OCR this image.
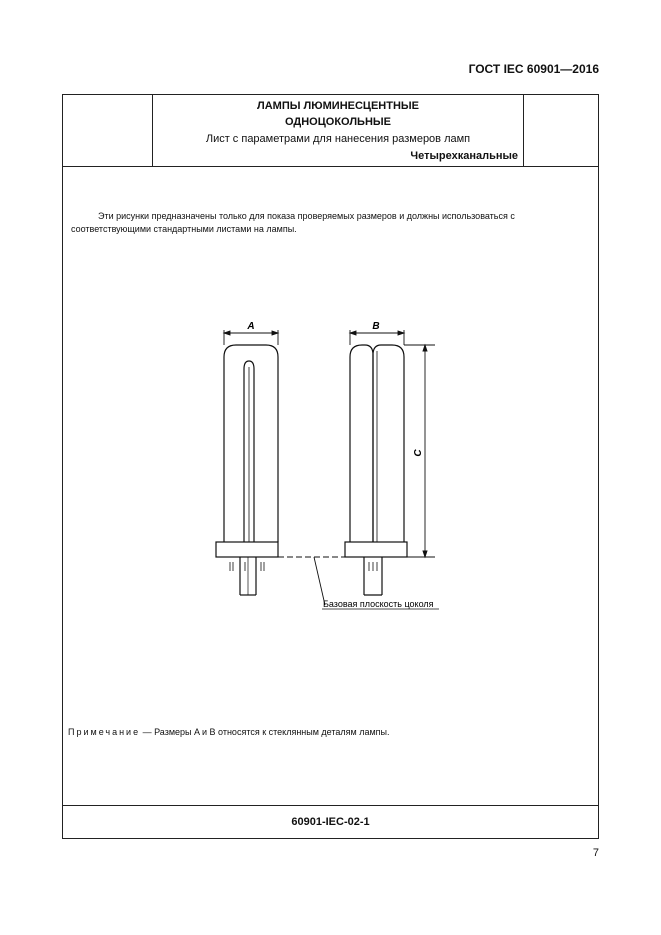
ГОСТ IEC 60901—2016
ЛАМПЫ ЛЮМИНЕСЦЕНТНЫЕ
ОДНОЦОКОЛЬНЫЕ
Лист с параметрами для нанесения размеров ламп
Четырехканальные
Эти рисунки предназначены только для показа проверяемых размеров и должны использоваться с соответствующими стандартными листами на лампы.
A	B
C
Базовая плоскость цоколя
Примечание — Размеры A и B относятся к стеклянным деталям лампы.
60901-IEC-02-1
7
